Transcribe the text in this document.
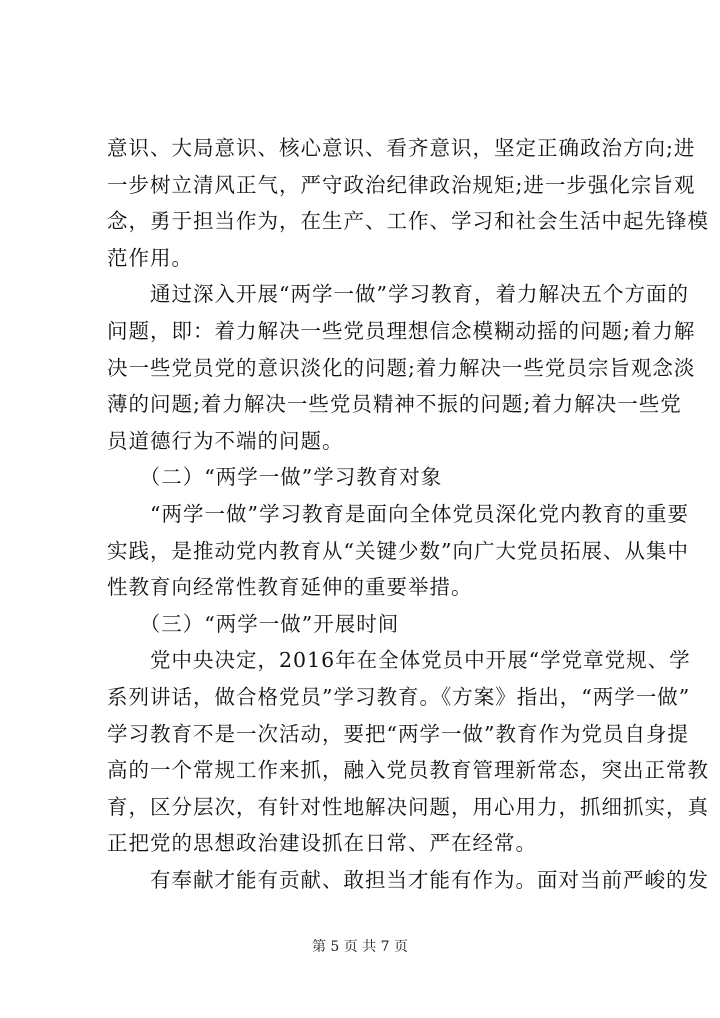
意识、大局意识、核心意识、看齐意识，坚定正确政治方向;进
一步树立清风正气，严守政治纪律政治规矩;进一步强化宗旨观
念，勇于担当作为，在生产、工作、学习和社会生活中起先锋模
范作用。
　　通过深入开展“两学一做”学习教育，着力解决五个方面的
问题，即：着力解决一些党员理想信念模糊动摇的问题;着力解
决一些党员党的意识淡化的问题;着力解决一些党员宗旨观念淡
薄的问题;着力解决一些党员精神不振的问题;着力解决一些党
员道德行为不端的问题。
　　（二）“两学一做”学习教育对象
　　“两学一做”学习教育是面向全体党员深化党内教育的重要
实践，是推动党内教育从“关键少数”向广大党员拓展、从集中
性教育向经常性教育延伸的重要举措。
　　（三）“两学一做”开展时间
　　党中央决定，2016年在全体党员中开展“学党章党规、学
系列讲话，做合格党员”学习教育。《方案》指出，“两学一做”
学习教育不是一次活动，要把“两学一做”教育作为党员自身提
高的一个常规工作来抓，融入党员教育管理新常态，突出正常教
育，区分层次，有针对性地解决问题，用心用力，抓细抓实，真
正把党的思想政治建设抓在日常、严在经常。
　　有奉献才能有贡献、敢担当才能有作为。面对当前严峻的发
第 5 页 共 7 页
